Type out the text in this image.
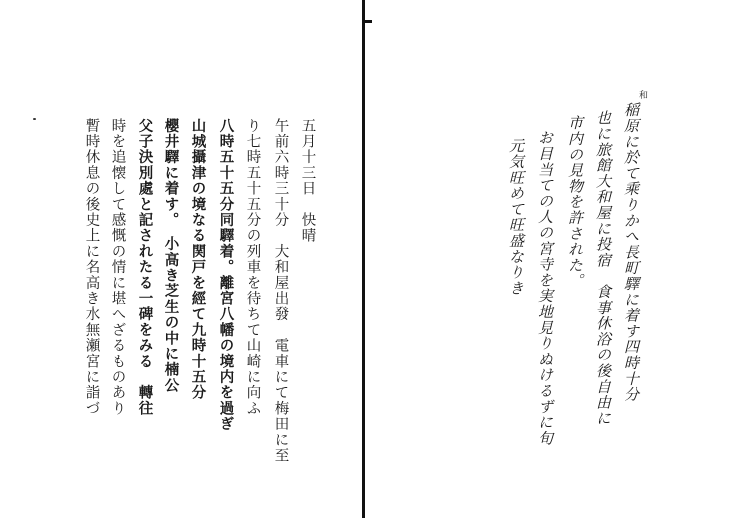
五月十三日　快晴
午前六時三十分　大和屋出發　電車にて梅田に至
り七時五十五分の列車を待ちて山崎に向ふ
八時五十五分同驛着。離宮八幡の境内を過ぎ
山城攝津の境なる関戸を經て九時十五分
櫻井驛に着す。　小高き芝生の中に楠公
父子決別處と記されたる一碑をみる　轉往
時を追懐して感慨の情に堪へざるものあり
暫時休息の後史上に名高き水無瀬宮に詣づ
和
稲原に於て乘りかへ長町驛に着す四時十分
也に旅館大和屋に投宿　食事休浴の後自由に
市内の見物を許された。
お目当ての人の宮寺を実地見りぬけるずに旬
元気旺めて旺盛なりき
